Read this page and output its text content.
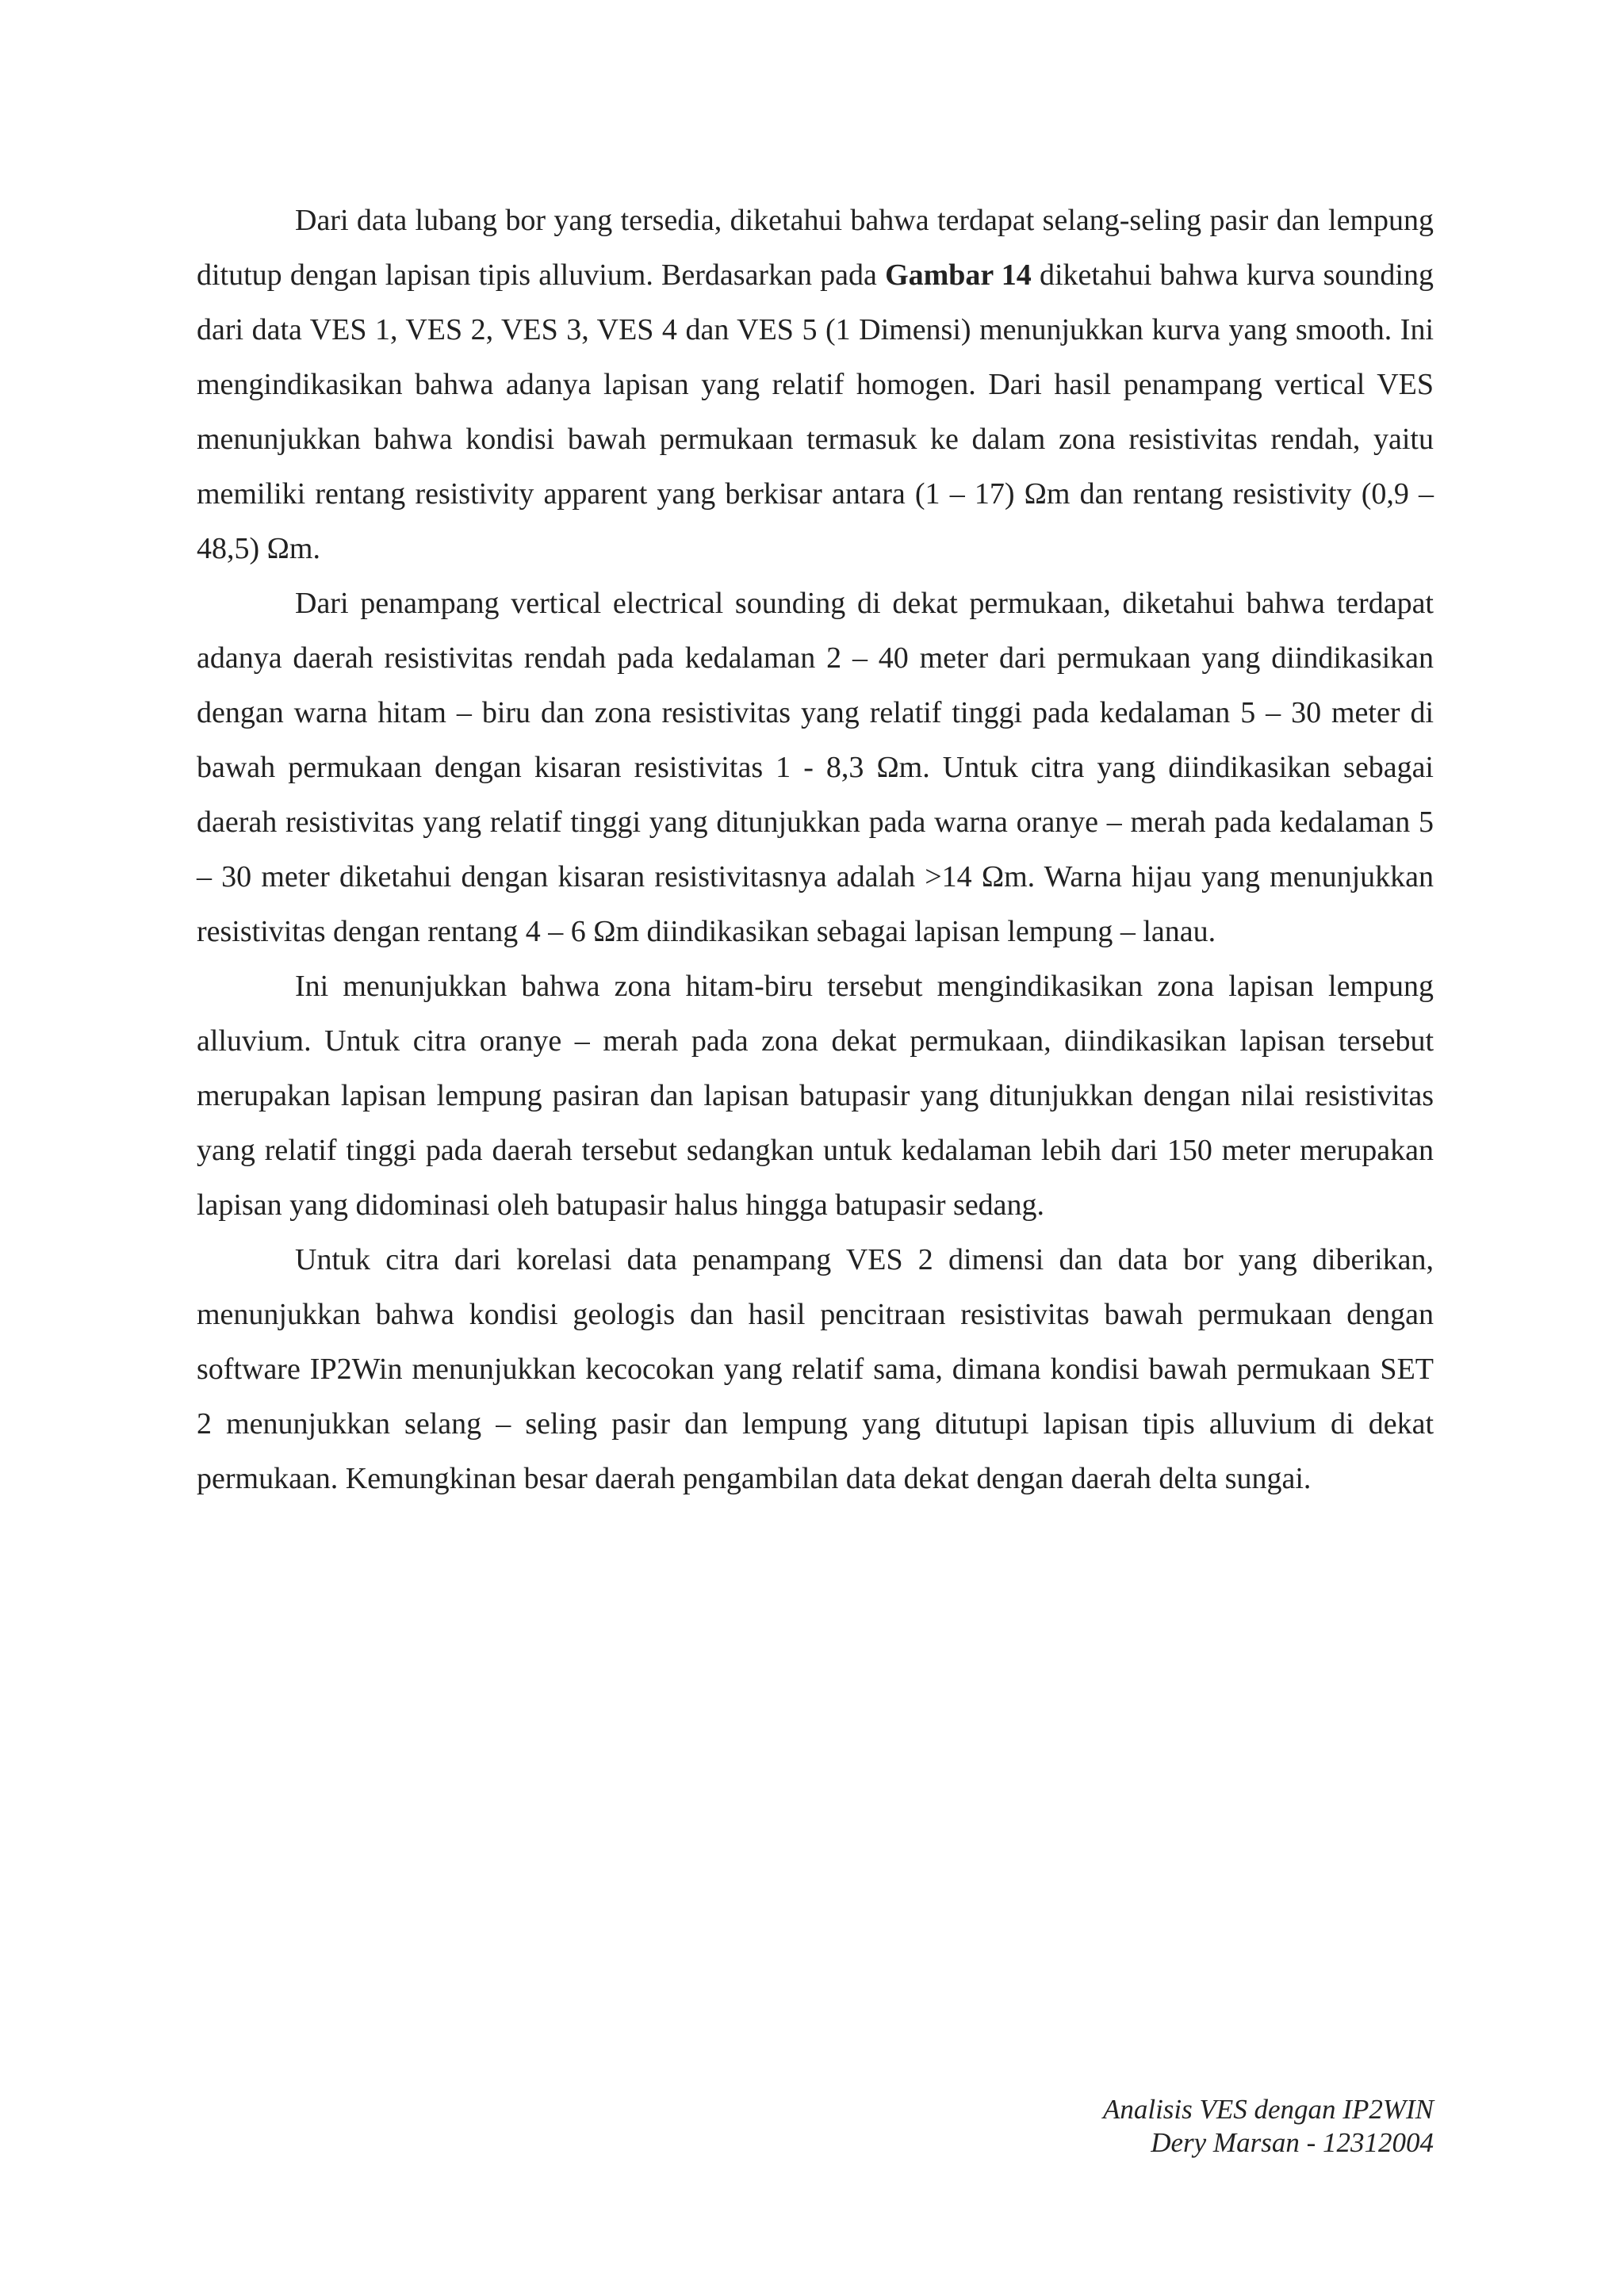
Dari data lubang bor yang tersedia, diketahui bahwa terdapat selang-seling pasir dan lempung ditutup dengan lapisan tipis alluvium. Berdasarkan pada Gambar 14 diketahui bahwa kurva sounding dari data VES 1, VES 2, VES 3, VES 4 dan VES 5 (1 Dimensi) menunjukkan kurva yang smooth. Ini mengindikasikan bahwa adanya lapisan yang relatif homogen. Dari hasil penampang vertical VES menunjukkan bahwa kondisi bawah permukaan termasuk ke dalam zona resistivitas rendah, yaitu memiliki rentang resistivity apparent yang berkisar antara (1 – 17) Ωm dan rentang resistivity (0,9 – 48,5) Ωm.

Dari penampang vertical electrical sounding di dekat permukaan, diketahui bahwa terdapat adanya daerah resistivitas rendah pada kedalaman 2 – 40 meter dari permukaan yang diindikasikan dengan warna hitam – biru dan zona resistivitas yang relatif tinggi pada kedalaman 5 – 30 meter di bawah permukaan dengan kisaran resistivitas 1 - 8,3 Ωm. Untuk citra yang diindikasikan sebagai daerah resistivitas yang relatif tinggi yang ditunjukkan pada warna oranye – merah pada kedalaman 5 – 30 meter diketahui dengan kisaran resistivitasnya adalah >14 Ωm. Warna hijau yang menunjukkan resistivitas dengan rentang 4 – 6 Ωm diindikasikan sebagai lapisan lempung – lanau.

Ini menunjukkan bahwa zona hitam-biru tersebut mengindikasikan zona lapisan lempung alluvium. Untuk citra oranye – merah pada zona dekat permukaan, diindikasikan lapisan tersebut merupakan lapisan lempung pasiran dan lapisan batupasir yang ditunjukkan dengan nilai resistivitas yang relatif tinggi pada daerah tersebut sedangkan untuk kedalaman lebih dari 150 meter merupakan lapisan yang didominasi oleh batupasir halus hingga batupasir sedang.

Untuk citra dari korelasi data penampang VES 2 dimensi dan data bor yang diberikan, menunjukkan bahwa kondisi geologis dan hasil pencitraan resistivitas bawah permukaan dengan software IP2Win menunjukkan kecocokan yang relatif sama, dimana kondisi bawah permukaan SET 2 menunjukkan selang – seling pasir dan lempung yang ditutupi lapisan tipis alluvium di dekat permukaan. Kemungkinan besar daerah pengambilan data dekat dengan daerah delta sungai.

Analisis VES dengan IP2WIN
Dery Marsan - 12312004
